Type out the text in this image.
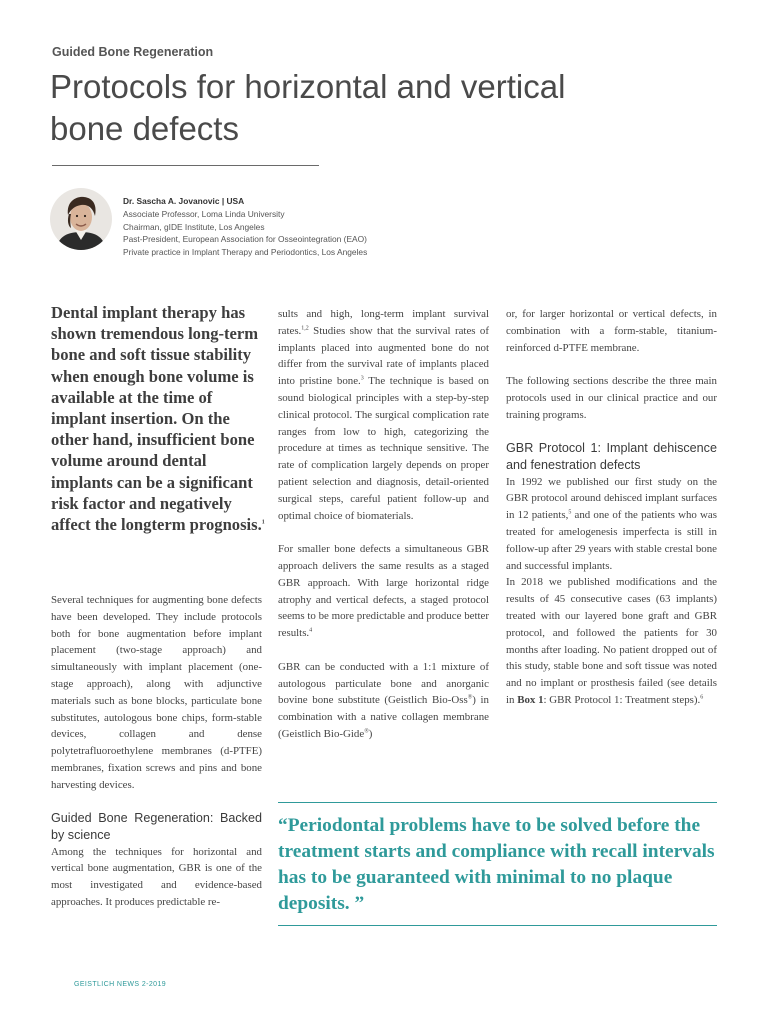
Guided Bone Regeneration
Protocols for horizontal and vertical bone defects
Dr. Sascha A. Jovanovic | USA
Associate Professor, Loma Linda University
Chairman, gIDE Institute, Los Angeles
Past-President, European Association for Osseointegration (EAO)
Private practice in Implant Therapy and Periodontics, Los Angeles
Dental implant therapy has shown tremendous long-term bone and soft tissue stability when enough bone volume is available at the time of implant insertion. On the other hand, insufficient bone volume around dental implants can be a significant risk factor and negatively affect the longterm prognosis.$^1$

Several techniques for augmenting bone defects have been developed. They include protocols both for bone augmentation before implant placement (two-stage approach) and simultaneously with implant placement (one-stage approach), along with adjunctive materials such as bone blocks, particulate bone substitutes, autologous bone chips, form-stable devices, collagen and dense polytetrafluoroethylene membranes (d-PTFE) membranes, fixation screws and pins and bone harvesting devices.

Guided Bone Regeneration: Backed by science

Among the techniques for horizontal and vertical bone augmentation, GBR is one of the most investigated and evidence-based approaches. It produces predictable re-

sults and high, long-term implant survival rates.$^{1,2}$ Studies show that the survival rates of implants placed into augmented bone do not differ from the survival rate of implants placed into pristine bone.$^3$ The technique is based on sound biological principles with a step-by-step clinical protocol. The surgical complication rate ranges from low to high, categorizing the procedure at times as technique sensitive. The rate of complication largely depends on proper patient selection and diagnosis, detail-oriented surgical steps, careful patient follow-up and optimal choice of biomaterials.

For smaller bone defects a simultaneous GBR approach delivers the same results as a staged GBR approach. With large horizontal ridge atrophy and vertical defects, a staged protocol seems to be more predictable and produce better results.$^4$

GBR can be conducted with a 1:1 mixture of autologous particulate bone and anorganic bovine bone substitute (Geistlich Bio-Oss®) in combination with a native collagen membrane (Geistlich Bio-Gide®)

or, for larger horizontal or vertical defects, in combination with a form-stable, titanium-reinforced d-PTFE membrane.

The following sections describe the three main protocols used in our clinical practice and our training programs.

GBR Protocol 1: Implant dehiscence and fenestration defects

In 1992 we published our first study on the GBR protocol around dehisced implant surfaces in 12 patients,$^5$ and one of the patients who was treated for amelogenesis imperfecta is still in follow-up after 29 years with stable crestal bone and successful implants.

In 2018 we published modifications and the results of 45 consecutive cases (63 implants) treated with our layered bone graft and GBR protocol, and followed the patients for 30 months after loading. No patient dropped out of this study, stable bone and soft tissue was noted and no implant or prosthesis failed (see details in Box 1: GBR Protocol 1: Treatment steps).$^6$

“Periodontal problems have to be solved before the treatment starts and compliance with recall intervals has to be guaranteed with minimal to no plaque deposits. ”
GEISTLICH NEWS 2-2019
